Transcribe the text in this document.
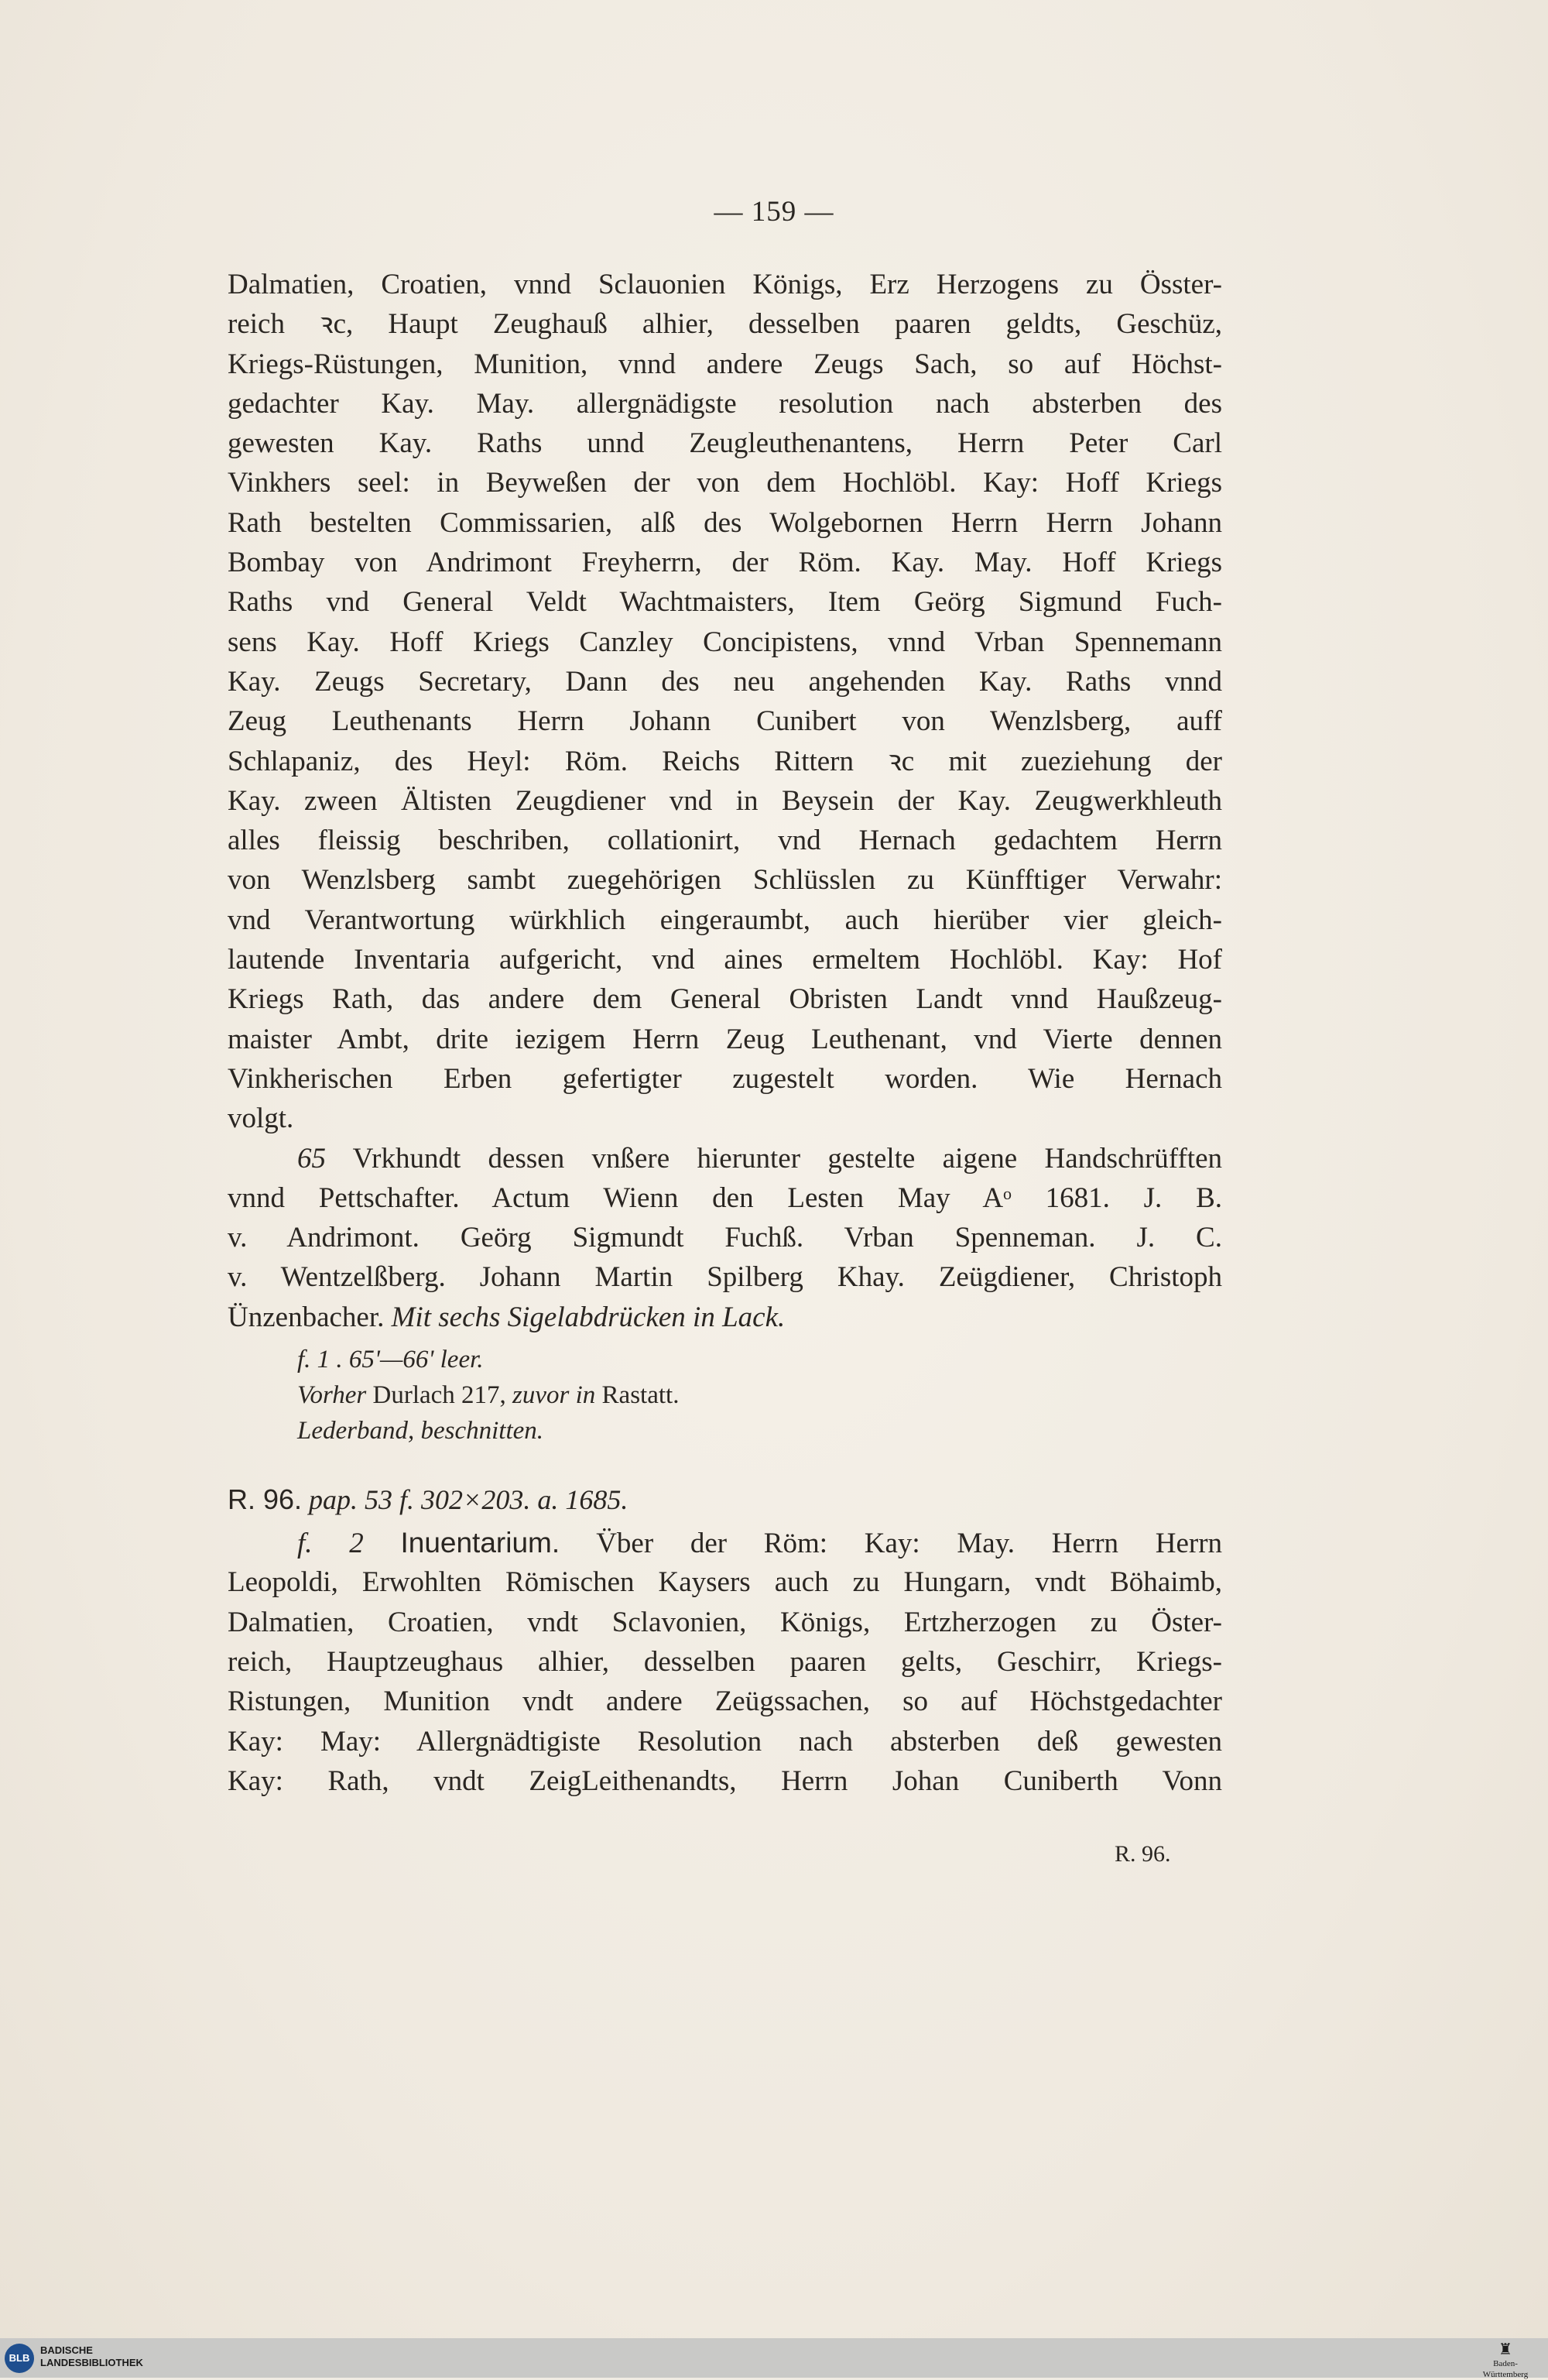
— 159 —
Dalmatien, Croatien, vnnd Sclauonien Königs, Erz Herzogens zu Össter-
reich ꝛc, Haupt Zeughauß alhier, desselben paaren geldts, Geschüz,
Kriegs-Rüstungen, Munition, vnnd andere Zeugs Sach, so auf Höchst-
gedachter Kay. May. allergnädigste resolution nach absterben des
gewesten Kay. Raths unnd Zeugleuthenantens, Herrn Peter Carl
Vinkhers seel: in Beyweßen der von dem Hochlöbl. Kay: Hoff Kriegs
Rath bestelten Commissarien, alß des Wolgebornen Herrn Herrn Johann
Bombay von Andrimont Freyherrn, der Röm. Kay. May. Hoff Kriegs
Raths vnd General Veldt Wachtmaisters, Item Geörg Sigmund Fuch-
sens Kay. Hoff Kriegs Canzley Concipistens, vnnd Vrban Spennemann
Kay. Zeugs Secretary, Dann des neu angehenden Kay. Raths vnnd
Zeug Leuthenants Herrn Johann Cunibert von Wenzlsberg, auff
Schlapaniz, des Heyl: Röm. Reichs Rittern ꝛc mit zueziehung der
Kay. zween Ältisten Zeugdiener vnd in Beysein der Kay. Zeugwerkhleuth
alles fleissig beschriben, collationirt, vnd Hernach gedachtem Herrn
von Wenzlsberg sambt zuegehörigen Schlüsslen zu Künfftiger Verwahr:
vnd Verantwortung würkhlich eingeraumbt, auch hierüber vier gleich-
lautende Inventaria aufgericht, vnd aines ermeltem Hochlöbl. Kay: Hof
Kriegs Rath, das andere dem General Obristen Landt vnnd Haußzeug-
maister Ambt, drite iezigem Herrn Zeug Leuthenant, vnd Vierte dennen
Vinkherischen Erben gefertigter zugestelt worden. Wie Hernach
volgt.
65 Vrkhundt dessen vnßere hierunter gestelte aigene Handschrüfften
vnnd Pettschafter. Actum Wienn den Lesten May Aᵒ 1681. J. B.
v. Andrimont. Geörg Sigmundt Fuchß. Vrban Spenneman. J. C.
v. Wentzelßberg. Johann Martin Spilberg Khay. Zeügdiener, Christoph
Ünzenbacher. Mit sechs Sigelabdrücken in Lack.
f. 1 . 65'—66' leer.
Vorher Durlach 217, zuvor in Rastatt.
Lederband, beschnitten.
R. 96. pap. 53 f. 302×203. a. 1685.
f. 2 Inuentarium. V̈ber der Röm: Kay: May. Herrn Herrn
Leopoldi, Erwohlten Römischen Kaysers auch zu Hungarn, vndt Böhaimb,
Dalmatien, Croatien, vndt Sclavonien, Königs, Ertzherzogen zu Öster-
reich, Hauptzeughaus alhier, desselben paaren gelts, Geschirr, Kriegs-
Ristungen, Munition vndt andere Zeügssachen, so auf Höchstgedachter
Kay: May: Allergnädtigiste Resolution nach absterben deß gewesten
Kay: Rath, vndt ZeigLeithenandts, Herrn Johan Cuniberth Vonn
R. 96.
BLB
BADISCHE
LANDESBIBLIOTHEK
♜
Baden-Württemberg
